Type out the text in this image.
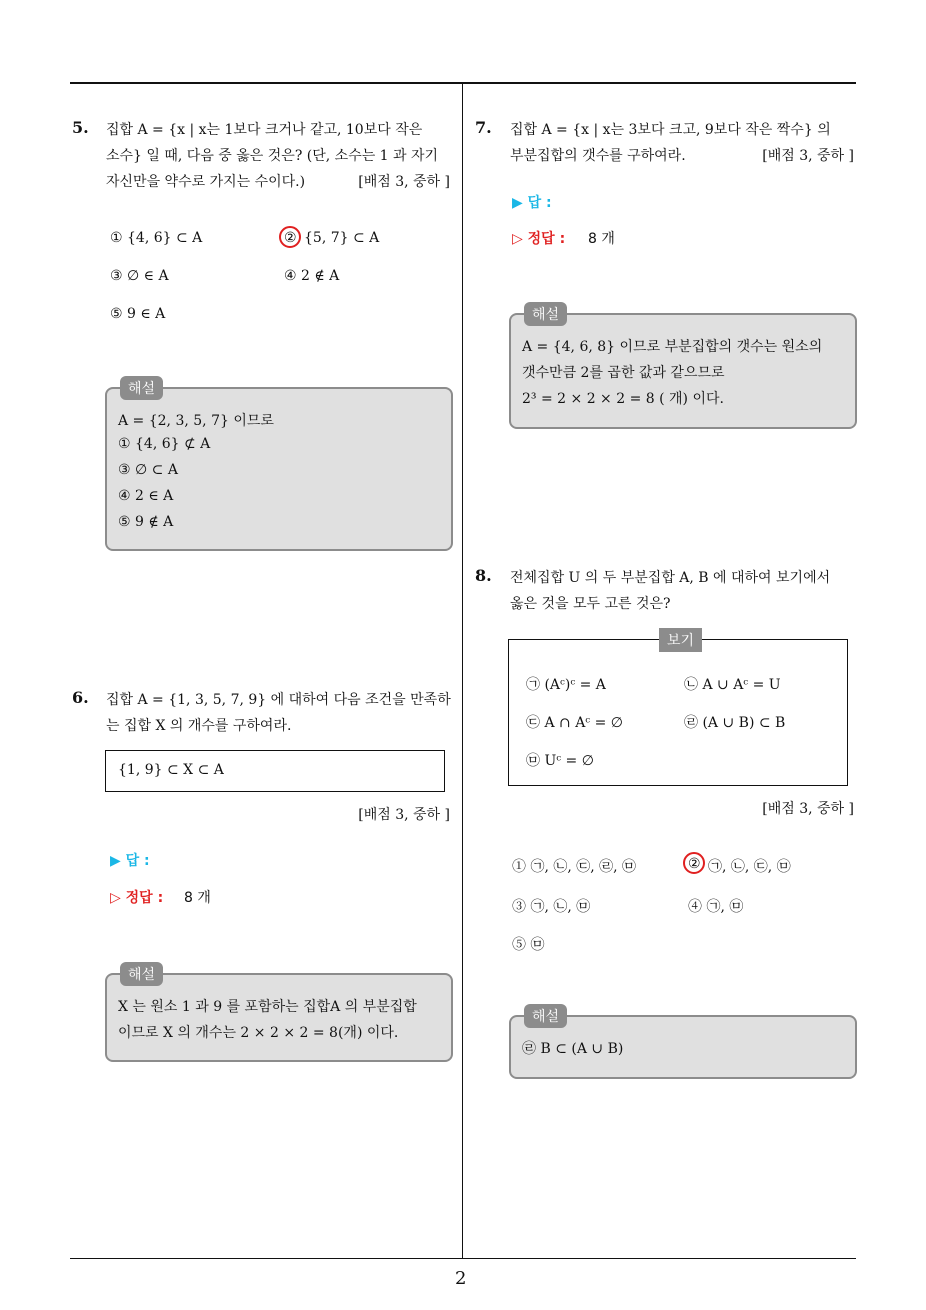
2
5. 집합 A = {x | x는 1보다 크거나 같고, 10보다 작은
소수} 일 때, 다음 중 옳은 것은? (단, 소수는 1 과 자기
자신만을 약수로 가지는 수이다.)	[배점 3, 중하 ]
① {4, 6} ⊂ A	② {5, 7} ⊂ A
③ ∅ ∈ A	④ 2 ∉ A
⑤ 9 ∈ A
해설
A = {2, 3, 5, 7} 이므로
① {4, 6} ⊄ A
③ ∅ ⊂ A
④ 2 ∈ A
⑤ 9 ∉ A
6. 집합 A = {1, 3, 5, 7, 9} 에 대하여 다음 조건을 만족하
는 집합 X 의 개수를 구하여라.
{1, 9} ⊂ X ⊂ A
[배점 3, 중하 ]
▶ 답 :
▷ 정답 : 8 개
해설
X 는 원소 1 과 9 를 포함하는 집합A 의 부분집합
이므로 X 의 개수는 2 × 2 × 2 = 8(개) 이다.
7. 집합 A = {x | x는 3보다 크고, 9보다 작은 짝수} 의
부분집합의 갯수를 구하여라.	[배점 3, 중하 ]
▶ 답 :
▷ 정답 : 8 개
해설
A = {4, 6, 8} 이므로 부분집합의 갯수는 원소의
갯수만큼 2를 곱한 값과 같으므로
2³ = 2 × 2 × 2 = 8 ( 개) 이다.
8. 전체집합 U 의 두 부분집합 A, B 에 대하여 보기에서
옳은 것을 모두 고른 것은?
보기
㉠ (Aᶜ)ᶜ = A	㉡ A ∪ Aᶜ = U
㉢ A ∩ Aᶜ = ∅	㉣ (A ∪ B) ⊂ B
㉤ Uᶜ = ∅
[배점 3, 중하 ]
① ㉠, ㉡, ㉢, ㉣, ㉤	② ㉠, ㉡, ㉢, ㉤
③ ㉠, ㉡, ㉤	④ ㉠, ㉤
⑤ ㉤
해설
㉣ B ⊂ (A ∪ B)
